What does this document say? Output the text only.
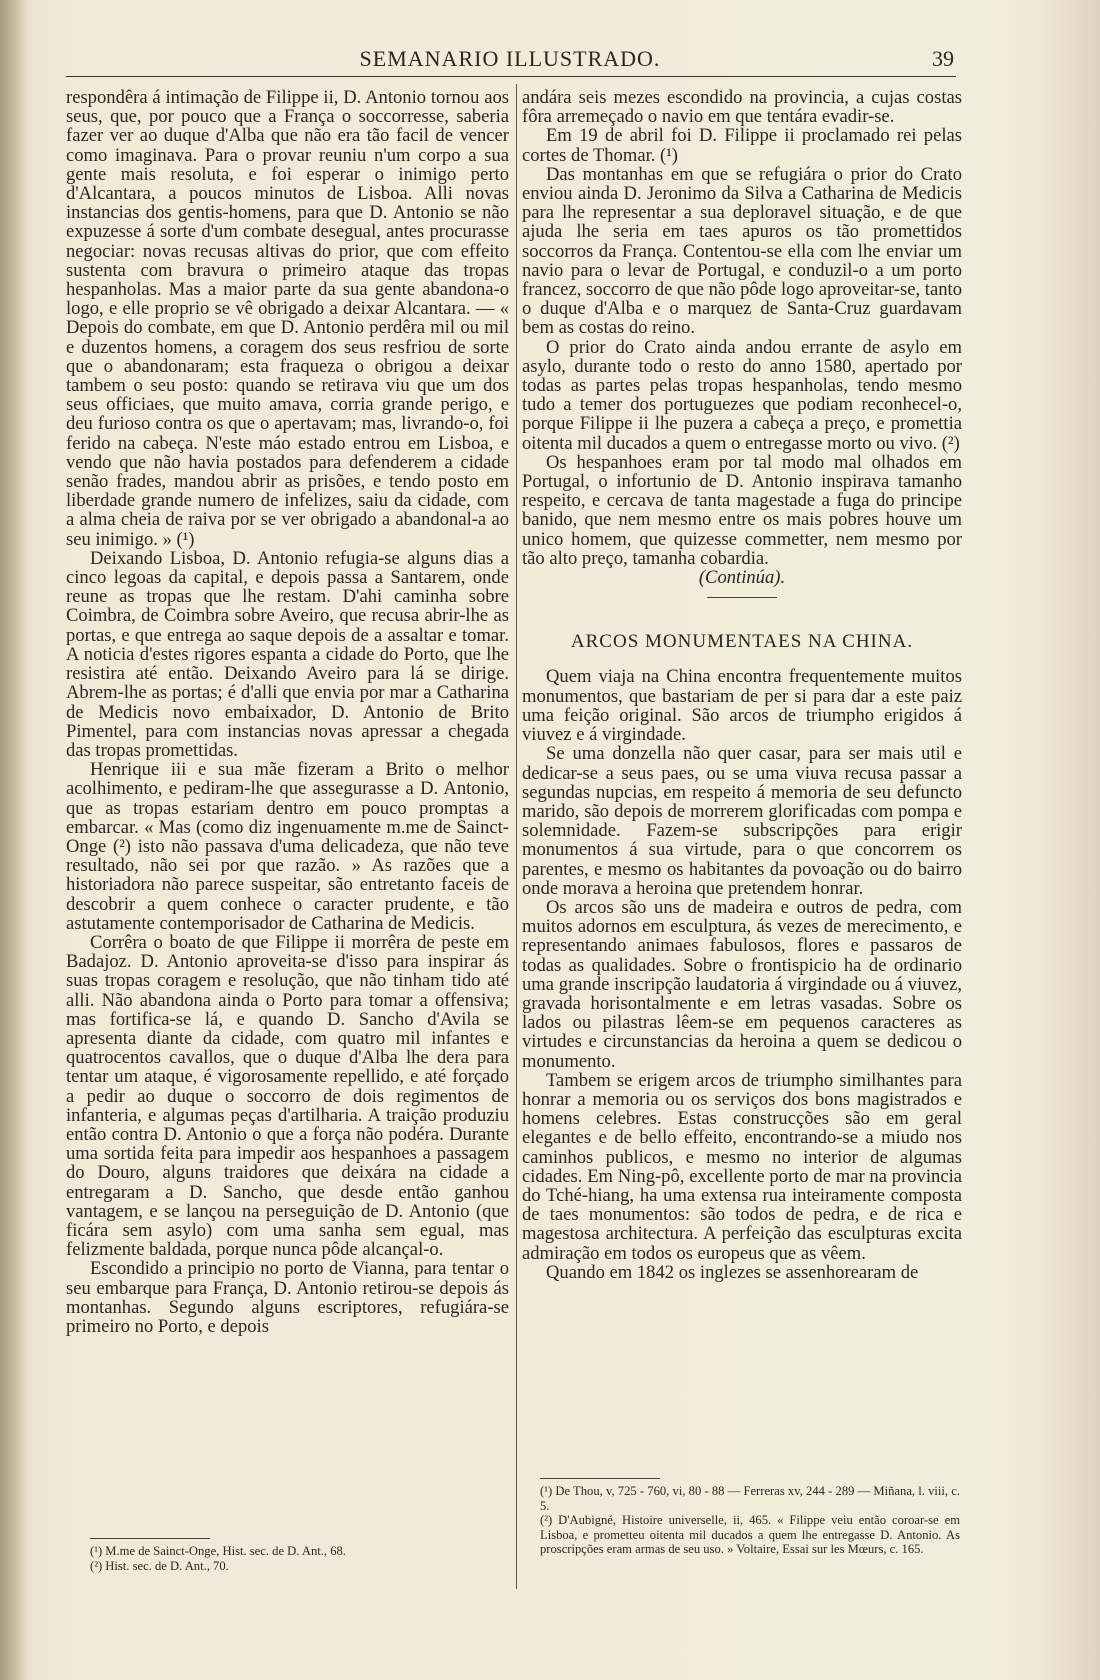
SEMANARIO ILLUSTRADO.	39

respondêra á intimação de Filippe ii, D. Antonio tornou aos seus, que, por pouco que a França o soccorresse, saberia fazer ver ao duque d'Alba que não era tão facil de vencer como imaginava. Para o provar reuniu n'um corpo a sua gente mais resoluta, e foi esperar o inimigo perto d'Alcantara, a poucos minutos de Lisboa. Alli novas instancias dos gentis-homens, para que D. Antonio se não expuzesse á sorte d'um combate desegual, antes procurasse negociar: novas recusas altivas do prior, que com effeito sustenta com bravura o primeiro ataque das tropas hespanholas. Mas a maior parte da sua gente abandona-o logo, e elle proprio se vê obrigado a deixar Alcantara. — « Depois do combate, em que D. Antonio perdêra mil ou mil e duzentos homens, a coragem dos seus resfriou de sorte que o abandonaram; esta fraqueza o obrigou a deixar tambem o seu posto: quando se retirava viu que um dos seus officiaes, que muito amava, corria grande perigo, e deu furioso contra os que o apertavam; mas, livrando-o, foi ferido na cabeça. N'este máo estado entrou em Lisboa, e vendo que não havia postados para defenderem a cidade senão frades, mandou abrir as prisões, e tendo posto em liberdade grande numero de infelizes, saiu da cidade, com a alma cheia de raiva por se ver obrigado a abandonal-a ao seu inimigo. » (¹)

Deixando Lisboa, D. Antonio refugia-se alguns dias a cinco legoas da capital, e depois passa a Santarem, onde reune as tropas que lhe restam. D'ahi caminha sobre Coimbra, de Coimbra sobre Aveiro, que recusa abrir-lhe as portas, e que entrega ao saque depois de a assaltar e tomar. A noticia d'estes rigores espanta a cidade do Porto, que lhe resistira até então. Deixando Aveiro para lá se dirige. Abrem-lhe as portas; é d'alli que envia por mar a Catharina de Medicis novo embaixador, D. Antonio de Brito Pimentel, para com instancias novas apressar a chegada das tropas promettidas.

Henrique iii e sua mãe fizeram a Brito o melhor acolhimento, e pediram-lhe que assegurasse a D. Antonio, que as tropas estariam dentro em pouco promptas a embarcar. « Mas (como diz ingenuamente m.me de Sainct-Onge (²) isto não passava d'uma delicadeza, que não teve resultado, não sei por que razão. » As razões que a historiadora não parece suspeitar, são entretanto faceis de descobrir a quem conhece o caracter prudente, e tão astutamente contemporisador de Catharina de Medicis.

Corrêra o boato de que Filippe ii morrêra de peste em Badajoz. D. Antonio aproveita-se d'isso para inspirar ás suas tropas coragem e resolução, que não tinham tido até alli. Não abandona ainda o Porto para tomar a offensiva; mas fortifica-se lá, e quando D. Sancho d'Avila se apresenta diante da cidade, com quatro mil infantes e quatrocentos cavallos, que o duque d'Alba lhe dera para tentar um ataque, é vigorosamente repellido, e até forçado a pedir ao duque o soccorro de dois regimentos de infanteria, e algumas peças d'artilharia. A traição produziu então contra D. Antonio o que a força não podéra. Durante uma sortida feita para impedir aos hespanhoes a passagem do Douro, alguns traidores que deixára na cidade a entregaram a D. Sancho, que desde então ganhou vantagem, e se lançou na perseguição de D. Antonio (que ficára sem asylo) com uma sanha sem egual, mas felizmente baldada, porque nunca pôde alcançal-o.

Escondido a principio no porto de Vianna, para tentar o seu embarque para França, D. Antonio retirou-se depois ás montanhas. Segundo alguns escriptores, refugiára-se primeiro no Porto, e depois

andára seis mezes escondido na provincia, a cujas costas fôra arremeçado o navio em que tentára evadir-se.

Em 19 de abril foi D. Filippe ii proclamado rei pelas cortes de Thomar. (¹)

Das montanhas em que se refugiára o prior do Crato enviou ainda D. Jeronimo da Silva a Catharina de Medicis para lhe representar a sua deploravel situação, e de que ajuda lhe seria em taes apuros os tão promettidos soccorros da França. Contentou-se ella com lhe enviar um navio para o levar de Portugal, e conduzil-o a um porto francez, soccorro de que não pôde logo aproveitar-se, tanto o duque d'Alba e o marquez de Santa-Cruz guardavam bem as costas do reino.

O prior do Crato ainda andou errante de asylo em asylo, durante todo o resto do anno 1580, apertado por todas as partes pelas tropas hespanholas, tendo mesmo tudo a temer dos portuguezes que podiam reconhecel-o, porque Filippe ii lhe puzera a cabeça a preço, e promettia oitenta mil ducados a quem o entregasse morto ou vivo. (²)

Os hespanhoes eram por tal modo mal olhados em Portugal, o infortunio de D. Antonio inspirava tamanho respeito, e cercava de tanta magestade a fuga do principe banido, que nem mesmo entre os mais pobres houve um unico homem, que quizesse commetter, nem mesmo por tão alto preço, tamanha cobardia.

(Continúa).

ARCOS MONUMENTAES NA CHINA.

Quem viaja na China encontra frequentemente muitos monumentos, que bastariam de per si para dar a este paiz uma feição original. São arcos de triumpho erigidos á viuvez e á virgindade.

Se uma donzella não quer casar, para ser mais util e dedicar-se a seus paes, ou se uma viuva recusa passar a segundas nupcias, em respeito á memoria de seu defuncto marido, são depois de morrerem glorificadas com pompa e solemnidade. Fazem-se subscripções para erigir monumentos á sua virtude, para o que concorrem os parentes, e mesmo os habitantes da povoação ou do bairro onde morava a heroina que pretendem honrar.

Os arcos são uns de madeira e outros de pedra, com muitos adornos em esculptura, ás vezes de merecimento, e representando animaes fabulosos, flores e passaros de todas as qualidades. Sobre o frontispicio ha de ordinario uma grande inscripção laudatoria á virgindade ou á viuvez, gravada horisontalmente e em letras vasadas. Sobre os lados ou pilastras lêem-se em pequenos caracteres as virtudes e circunstancias da heroina a quem se dedicou o monumento.

Tambem se erigem arcos de triumpho similhantes para honrar a memoria ou os serviços dos bons magistrados e homens celebres. Estas construcções são em geral elegantes e de bello effeito, encontrando-se a miudo nos caminhos publicos, e mesmo no interior de algumas cidades. Em Ning-pô, excellente porto de mar na provincia do Tché-hiang, ha uma extensa rua inteiramente composta de taes monumentos: são todos de pedra, e de rica e magestosa architectura. A perfeição das esculpturas excita admiração em todos os europeus que as vêem.

Quando em 1842 os inglezes se assenhorearam de

(¹) M.me de Sainct-Onge, Hist. sec. de D. Ant., 68.

(²) Hist. sec. de D. Ant., 70.

(¹) De Thou, v, 725 - 760, vi, 80 - 88 — Ferreras xv, 244 - 289 — Miñana, l. viii, c. 5.

(²) D'Aubigné, Histoire universelle, ii, 465. « Filippe veiu então coroar-se em Lisboa, e prometteu oitenta mil ducados a quem lhe entregasse D. Antonio. As proscripções eram armas de seu uso. » Voltaire, Essai sur les Mœurs, c. 165.
